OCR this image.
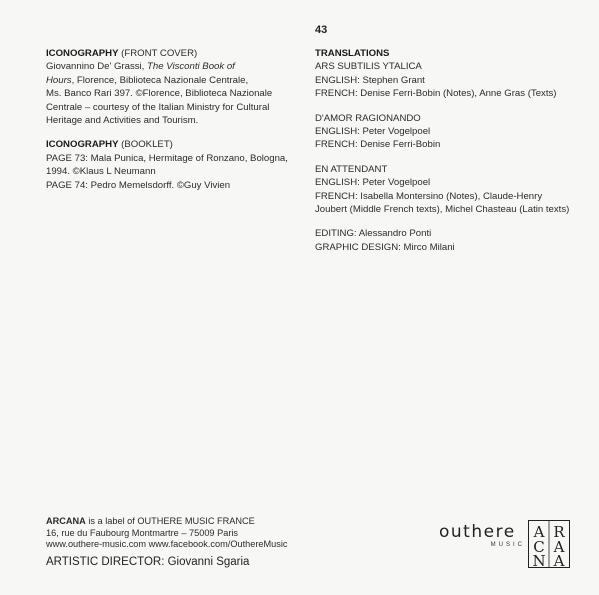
43

ICONOGRAPHY (FRONT COVER)

Giovannino De' Grassi, The Visconti Book of

Hours, Florence, Biblioteca Nazionale Centrale,

Ms. Banco Rari 397. ©Florence, Biblioteca Nazionale

Centrale – courtesy of the Italian Ministry for Cultural

Heritage and Activities and Tourism.

ICONOGRAPHY (BOOKLET)

PAGE 73: Mala Punica, Hermitage of Ronzano, Bologna,

1994. ©Klaus L Neumann

PAGE 74: Pedro Memelsdorff. ©Guy Vivien

TRANSLATIONS

ARS SUBTILIS YTALICA

ENGLISH: Stephen Grant

FRENCH: Denise Ferri-Bobin (Notes), Anne Gras (Texts)

D'AMOR RAGIONANDO

ENGLISH: Peter Vogelpoel

FRENCH: Denise Ferri-Bobin

EN ATTENDANT

ENGLISH: Peter Vogelpoel

FRENCH: Isabella Montersino (Notes), Claude-Henry

Joubert (Middle French texts), Michel Chasteau (Latin texts)

EDITING: Alessandro Ponti

GRAPHIC DESIGN: Mirco Milani

ARCANA is a label of OUTHERE MUSIC FRANCE
16, rue du Faubourg Montmartre – 75009 Paris
www.outhere-music.com www.facebook.com/OuthereMusic
ARTISTIC DIRECTOR: Giovanni Sgaria
outhere
MUSIC
A R
C A
N A
